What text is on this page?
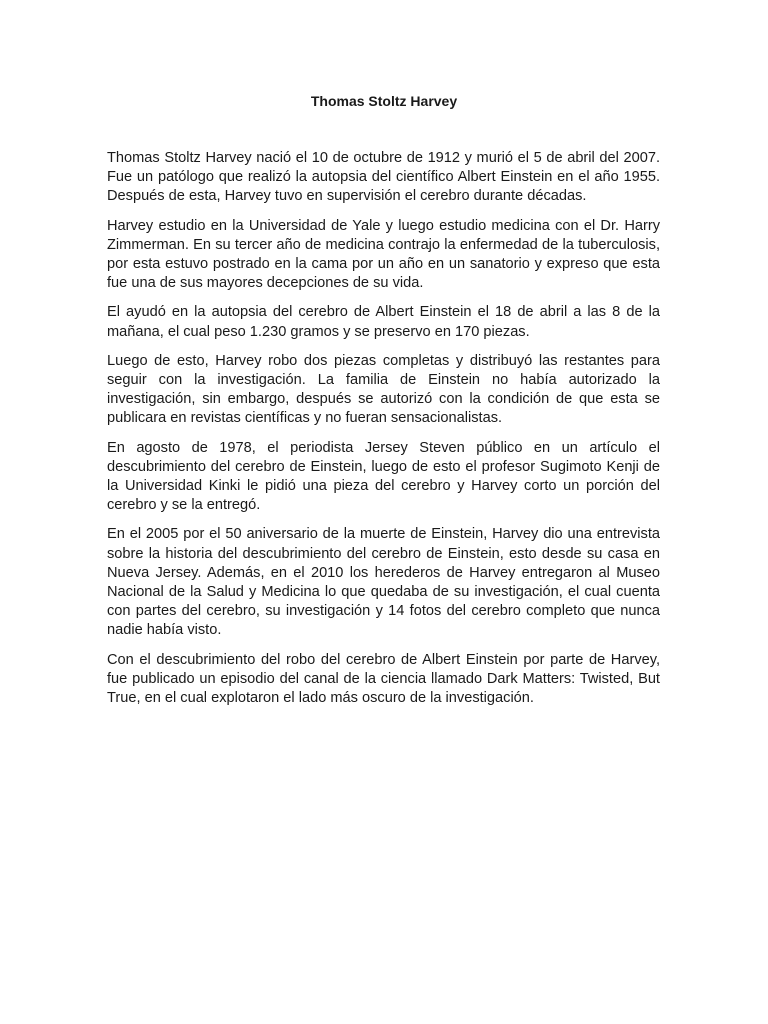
Thomas Stoltz Harvey

Thomas Stoltz Harvey nació el 10 de octubre de 1912 y murió el 5 de abril del 2007. Fue un patólogo que realizó la autopsia del científico Albert Einstein en el año 1955. Después de esta, Harvey tuvo en supervisión el cerebro durante décadas.

Harvey estudio en la Universidad de Yale y luego estudio medicina con el Dr. Harry Zimmerman. En su tercer año de medicina contrajo la enfermedad de la tuberculosis, por esta estuvo postrado en la cama por un año en un sanatorio y expreso que esta fue una de sus mayores decepciones de su vida.

El ayudó en la autopsia del cerebro de Albert Einstein el 18 de abril a las 8 de la mañana, el cual peso 1.230 gramos y se preservo en 170 piezas.

Luego de esto, Harvey robo dos piezas completas y distribuyó las restantes para seguir con la investigación. La familia de Einstein no había autorizado la investigación, sin embargo, después se autorizó con la condición de que esta se publicara en revistas científicas y no fueran sensacionalistas.

En agosto de 1978, el periodista Jersey Steven público en un artículo el descubrimiento del cerebro de Einstein, luego de esto el profesor Sugimoto Kenji de la Universidad Kinki le pidió una pieza del cerebro y Harvey corto un porción del cerebro y se la entregó.

En el 2005 por el 50 aniversario de la muerte de Einstein, Harvey dio una entrevista sobre la historia del descubrimiento del cerebro de Einstein, esto desde su casa en Nueva Jersey. Además, en el 2010 los herederos de Harvey entregaron al Museo Nacional de la Salud y Medicina lo que quedaba de su investigación, el cual cuenta con partes del cerebro, su investigación y 14 fotos del cerebro completo que nunca nadie había visto.

Con el descubrimiento del robo del cerebro de Albert Einstein por parte de Harvey, fue publicado un episodio del canal de la ciencia llamado Dark Matters: Twisted, But True, en el cual explotaron el lado más oscuro de la investigación.
